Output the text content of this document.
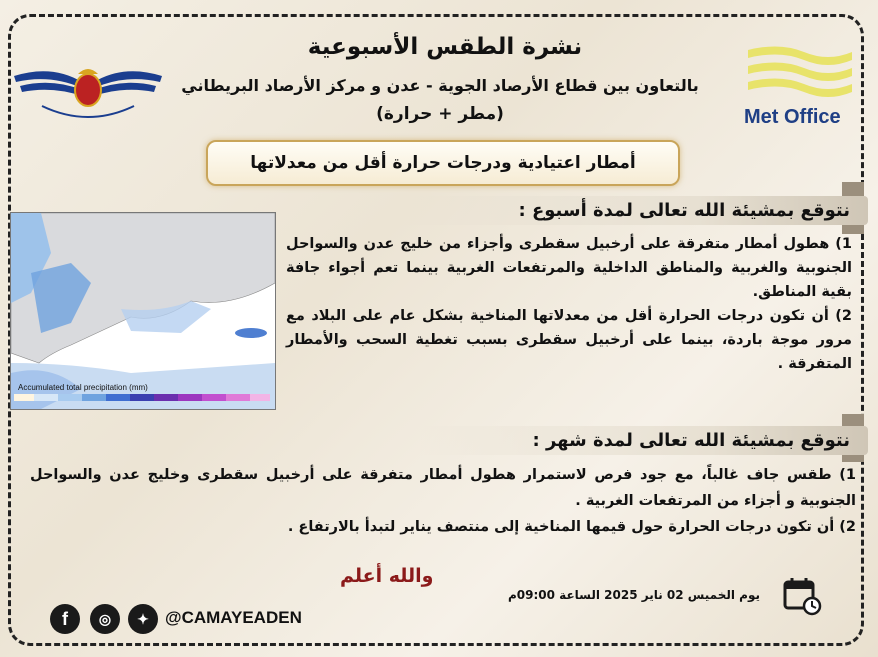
Met Office
نشرة الطقس الأسبوعية
بالتعاون بين قطاع الأرصاد الجوية - عدن و مركز الأرصاد البريطاني
(مطر + حرارة)
أمطار اعتيادية ودرجات حرارة أقل من معدلاتها
Accumulated total precipitation (mm)
نتوقع بمشيئة الله تعالى لمدة أسبوع :
1) هطول أمطار متفرقة على أرخبيل سقطرى وأجزاء من خليج عدن والسواحل الجنوبية والغربية والمناطق الداخلية والمرتفعات الغربية بينما تعم أجواء جافة بقية المناطق.
2) أن تكون درجات الحرارة أقل من معدلاتها المناخية بشكل عام على البلاد مع مرور موجة باردة، بينما على أرخبيل سقطرى بسبب تغطية السحب والأمطار المتفرقة .
نتوقع بمشيئة الله تعالى لمدة شهر :
1) طقس جاف غالباً، مع جود فرص لاستمرار هطول أمطار متفرقة على أرخبيل سقطرى وخليج عدن والسواحل الجنوبية و أجزاء من المرتفعات الغربية .
2) أن تكون درجات الحرارة حول قيمها المناخية إلى منتصف يناير لتبدأ بالارتفاع .
والله أعلم
يوم الخميس 02 ناير 2025 الساعة 09:00م
f	◎	✦ @CAMAYEADEN
